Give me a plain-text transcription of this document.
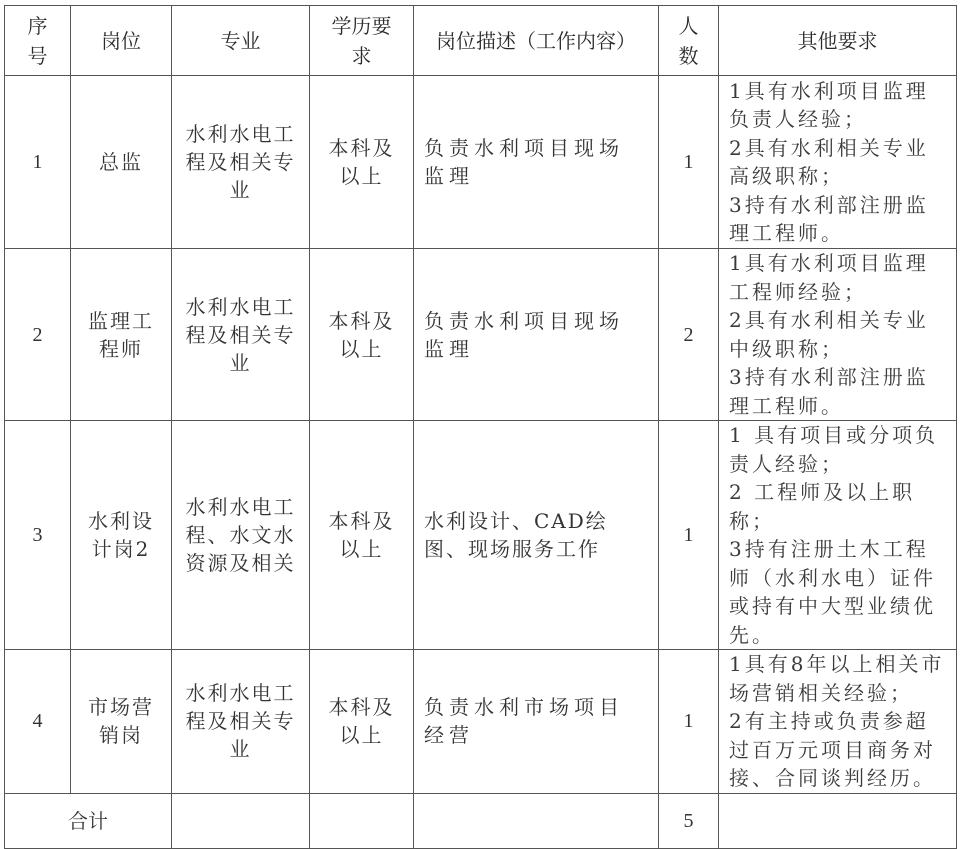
序号	岗位	专业	学历要求	岗位描述（工作内容）	人数	其他要求
1	总监	水利水电工程及相关专业	本科及以上	负责水利项目现场监理	1	1具有水利项目监理负责人经验；
2具有水利相关专业高级职称；
3持有水利部注册监理工程师。

2	监理工程师	水利水电工程及相关专业	本科及以上	负责水利项目现场监理	2	1具有水利项目监理工程师经验；
2具有水利相关专业中级职称；
3持有水利部注册监理工程师。

3	水利设计岗2	水利水电工程、水文水资源及相关	本科及以上	水利设计、CAD绘图、现场服务工作	1	1 具有项目或分项负责人经验；
2 工程师及以上职称；
3持有注册土木工程师（水利水电）证件或持有中大型业绩优先。

4	市场营销岗	水利水电工程及相关专业	本科及以上	负责水利市场项目经营	1	1具有8年以上相关市场营销相关经验；
2有主持或负责参超过百万元项目商务对接、合同谈判经历。

合计					5	
